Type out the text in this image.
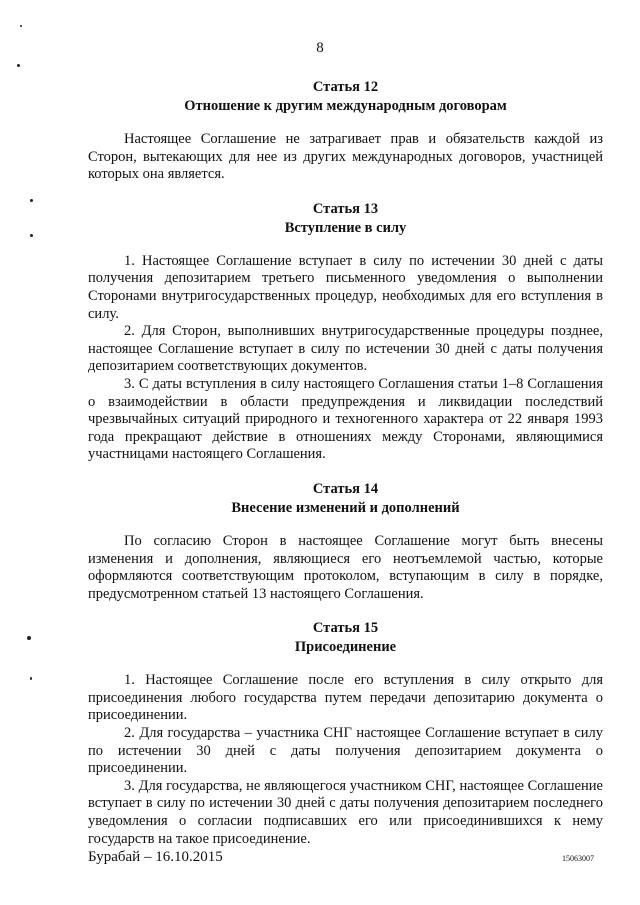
8
Статья 12
Отношение к другим международным договорам

Настоящее Соглашение не затрагивает прав и обязательств каждой из Сторон, вытекающих для нее из других международных договоров, участницей которых она является.

Статья 13
Вступление в силу

1. Настоящее Соглашение вступает в силу по истечении 30 дней с даты получения депозитарием третьего письменного уведомления о выполнении Сторонами внутригосударственных процедур, необходимых для его вступления в силу.

2. Для Сторон, выполнивших внутригосударственные процедуры позднее, настоящее Соглашение вступает в силу по истечении 30 дней с даты получения депозитарием соответствующих документов.

3. С даты вступления в силу настоящего Соглашения статьи 1–8 Соглашения о взаимодействии в области предупреждения и ликвидации последствий чрезвычайных ситуаций природного и техногенного характера от 22 января 1993 года прекращают действие в отношениях между Сторонами, являющимися участницами настоящего Соглашения.

Статья 14
Внесение изменений и дополнений

По согласию Сторон в настоящее Соглашение могут быть внесены изменения и дополнения, являющиеся его неотъемлемой частью, которые оформляются соответствующим протоколом, вступающим в силу в порядке, предусмотренном статьей 13 настоящего Соглашения.

Статья 15
Присоединение

1. Настоящее Соглашение после его вступления в силу открыто для присоединения любого государства путем передачи депозитарию документа о присоединении.

2. Для государства – участника СНГ настоящее Соглашение вступает в силу по истечении 30 дней с даты получения депозитарием документа о присоединении.

3. Для государства, не являющегося участником СНГ, настоящее Соглашение вступает в силу по истечении 30 дней с даты получения депозитарием последнего уведомления о согласии подписавших его или присоединившихся к нему государств на такое присоединение.

Бурабай – 16.10.2015	15063007
